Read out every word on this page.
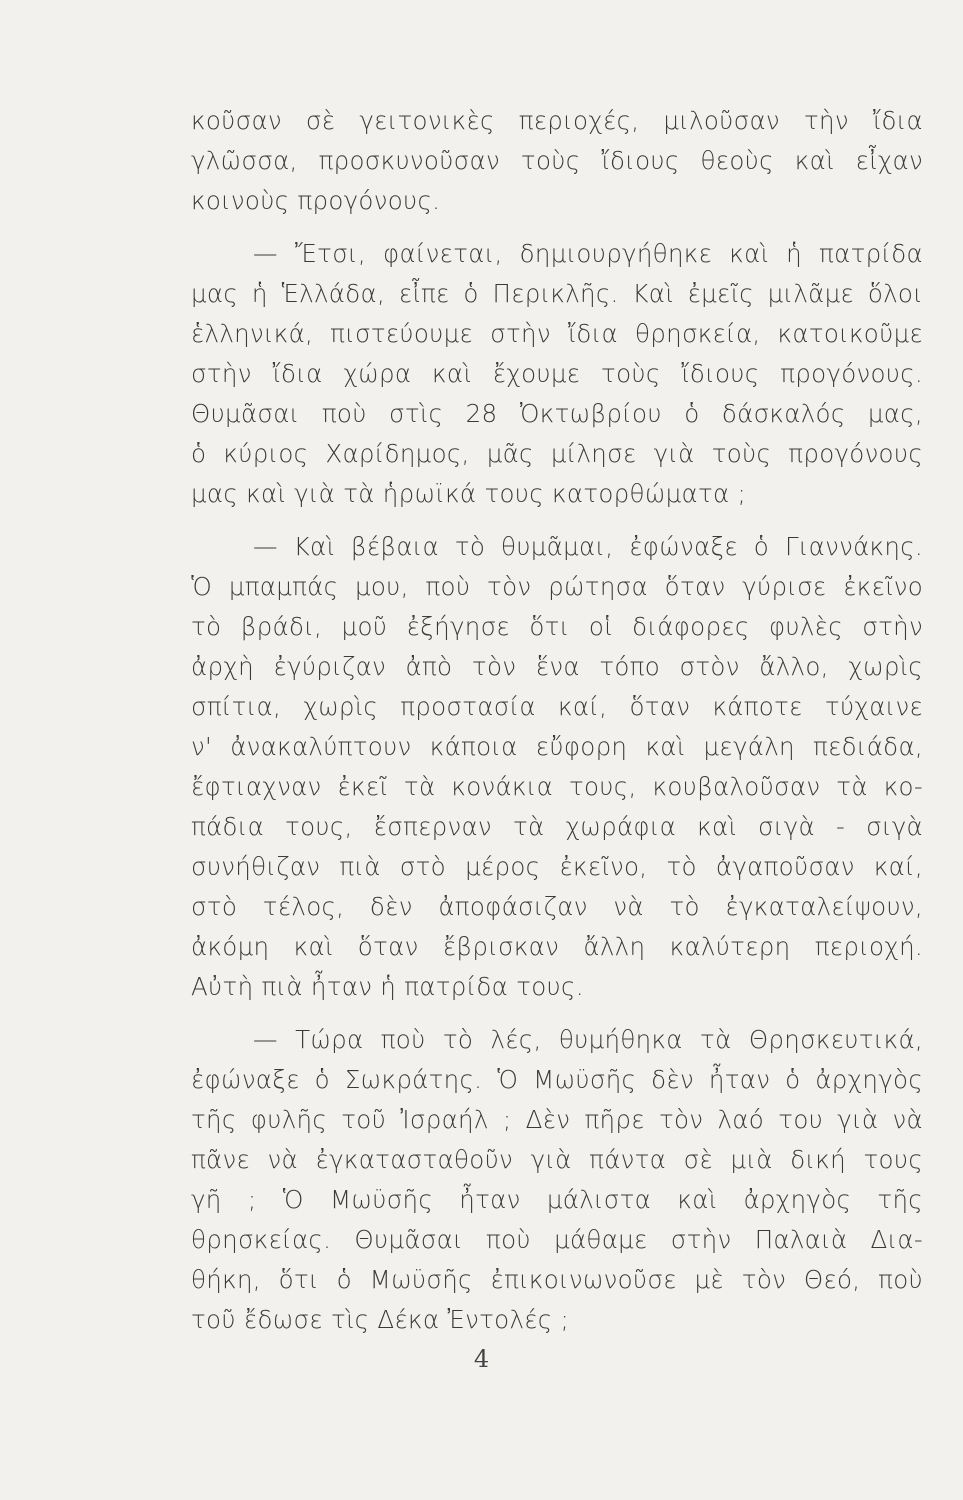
κοῦσαν σὲ γειτονικὲς περιοχές, μιλοῦσαν τὴν ἴδια
γλῶσσα, προσκυνοῦσαν τοὺς ἴδιους θεοὺς καὶ εἶχαν
κοινοὺς προγόνους.
— Ἔτσι, φαίνεται, δημιουργήθηκε καὶ ἡ πατρίδα
μας ἡ Ἑλλάδα, εἶπε ὁ Περικλῆς. Καὶ ἐμεῖς μιλᾶμε ὅλοι
ἑλληνικά, πιστεύουμε στὴν ἴδια θρησκεία, κατοικοῦμε
στὴν ἴδια χώρα καὶ ἔχουμε τοὺς ἴδιους προγόνους.
Θυμᾶσαι ποὺ στὶς 28 Ὀκτωβρίου ὁ δάσκαλός μας,
ὁ κύριος Χαρίδημος, μᾶς μίλησε γιὰ τοὺς προγόνους
μας καὶ γιὰ τὰ ἡρωϊκά τους κατορθώματα ;
— Καὶ βέβαια τὸ θυμᾶμαι, ἐφώναξε ὁ Γιαννάκης.
Ὁ μπαμπάς μου, ποὺ τὸν ρώτησα ὅταν γύρισε ἐκεῖνο
τὸ βράδι, μοῦ ἐξήγησε ὅτι οἱ διάφορες φυλὲς στὴν
ἀρχὴ ἐγύριζαν ἀπὸ τὸν ἕνα τόπο στὸν ἄλλο, χωρὶς
σπίτια, χωρὶς προστασία καί, ὅταν κάποτε τύχαινε
ν' ἀνακαλύπτουν κάποια εὔφορη καὶ μεγάλη πεδιάδα,
ἔφτιαχναν ἐκεῖ τὰ κονάκια τους, κουβαλοῦσαν τὰ κο-
πάδια τους, ἔσπερναν τὰ χωράφια καὶ σιγὰ - σιγὰ
συνήθιζαν πιὰ στὸ μέρος ἐκεῖνο, τὸ ἀγαποῦσαν καί,
στὸ τέλος, δὲν ἀποφάσιζαν νὰ τὸ ἐγκαταλείψουν,
ἀκόμη καὶ ὅταν ἔβρισκαν ἄλλη καλύτερη περιοχή.
Αὐτὴ πιὰ ἦταν ἡ πατρίδα τους.
— Τώρα ποὺ τὸ λές, θυμήθηκα τὰ Θρησκευτικά,
ἐφώναξε ὁ Σωκράτης. Ὁ Μωϋσῆς δὲν ἦταν ὁ ἀρχηγὸς
τῆς φυλῆς τοῦ Ἰσραήλ ; Δὲν πῆρε τὸν λαό του γιὰ νὰ
πᾶνε νὰ ἐγκατασταθοῦν γιὰ πάντα σὲ μιὰ δική τους
γῆ ; Ὁ Μωϋσῆς ἦταν μάλιστα καὶ ἀρχηγὸς τῆς
θρησκείας. Θυμᾶσαι ποὺ μάθαμε στὴν Παλαιὰ Δια-
θήκη, ὅτι ὁ Μωϋσῆς ἐπικοινωνοῦσε μὲ τὸν Θεό, ποὺ
τοῦ ἔδωσε τὶς Δέκα Ἐντολές ;
4
